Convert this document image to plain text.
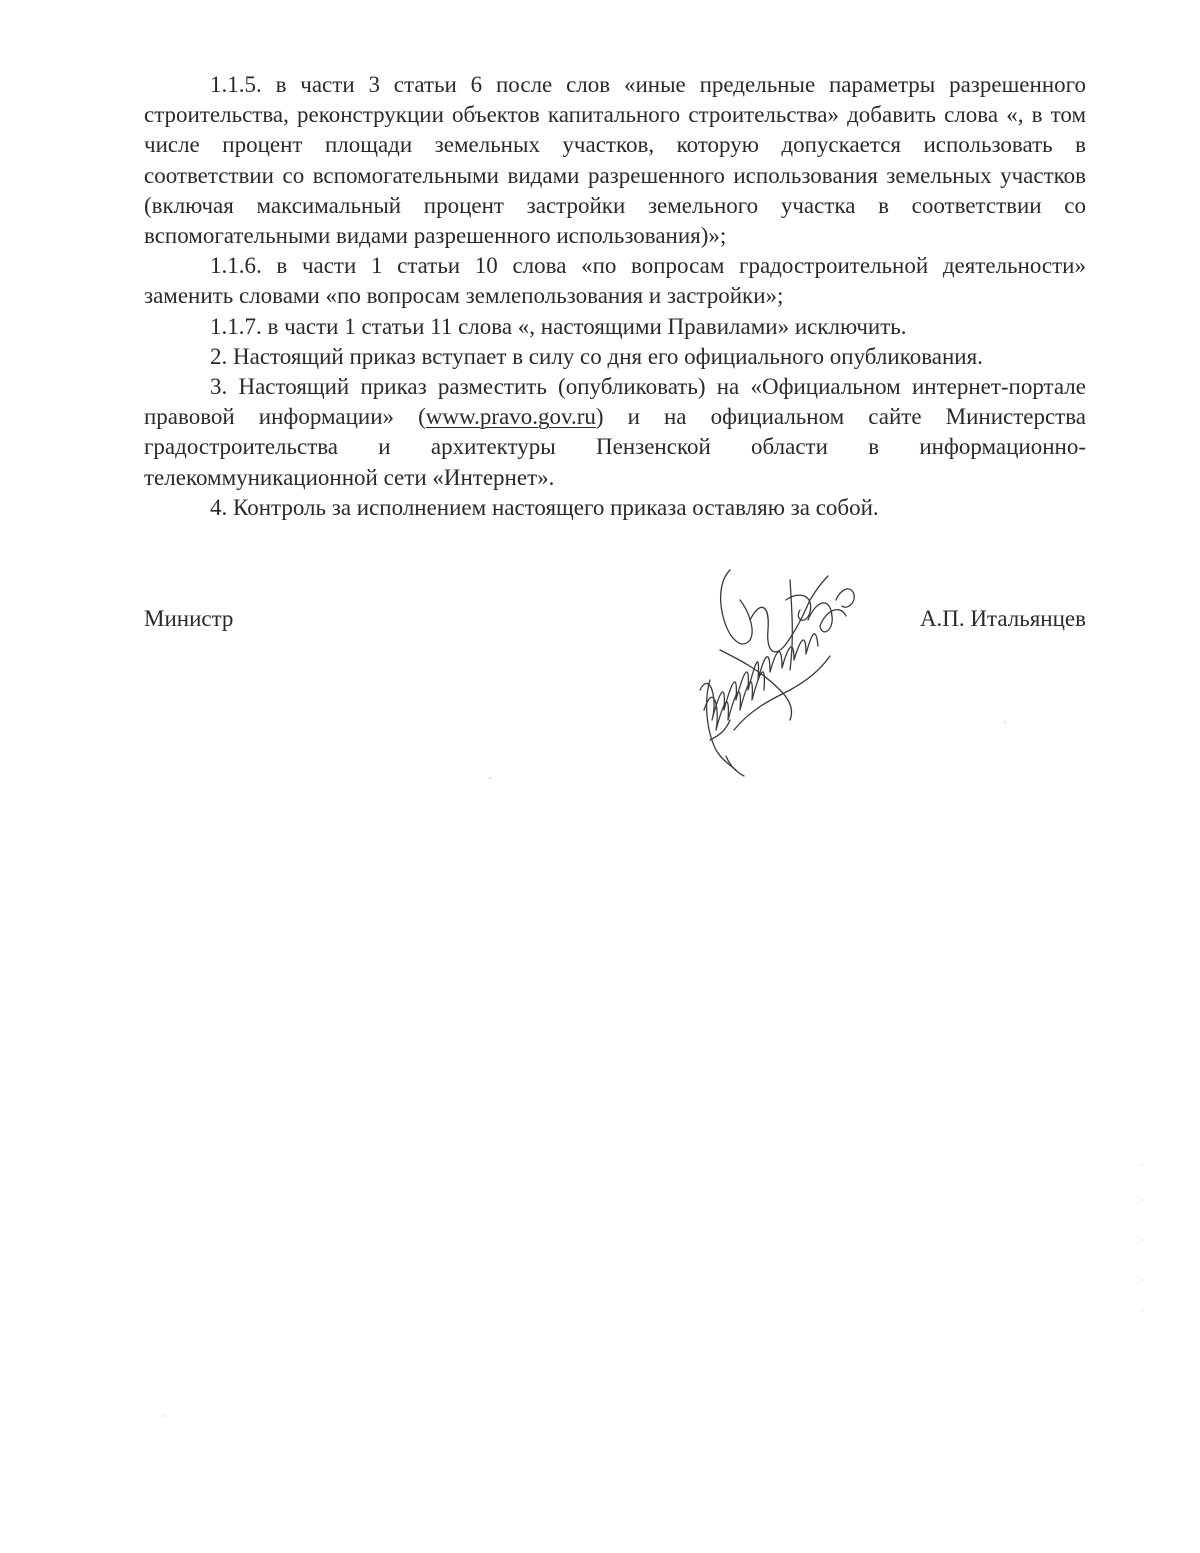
1.1.5. в части 3 статьи 6 после слов «иные предельные параметры разрешенного строительства, реконструкции объектов капитального строительства» добавить слова «, в том числе процент площади земельных участков, которую допускается использовать в соответствии со вспомогательными видами разрешенного использования земельных участков (включая максимальный процент застройки земельного участка в соответствии со вспомогательными видами разрешенного использования)»;

1.1.6. в части 1 статьи 10 слова «по вопросам градостроительной деятельности» заменить словами «по вопросам землепользования и застройки»;

1.1.7. в части 1 статьи 11 слова «, настоящими Правилами» исключить.

2. Настоящий приказ вступает в силу со дня его официального опубликования.

3. Настоящий приказ разместить (опубликовать) на «Официальном интернет-портале правовой информации» (www.pravo.gov.ru) и на официальном сайте Министерства градостроительства и архитектуры Пензенской области в информационно-телекоммуникационной сети «Интернет».

4. Контроль за исполнением настоящего приказа оставляю за собой.

Министр	А.П. Итальянцев
